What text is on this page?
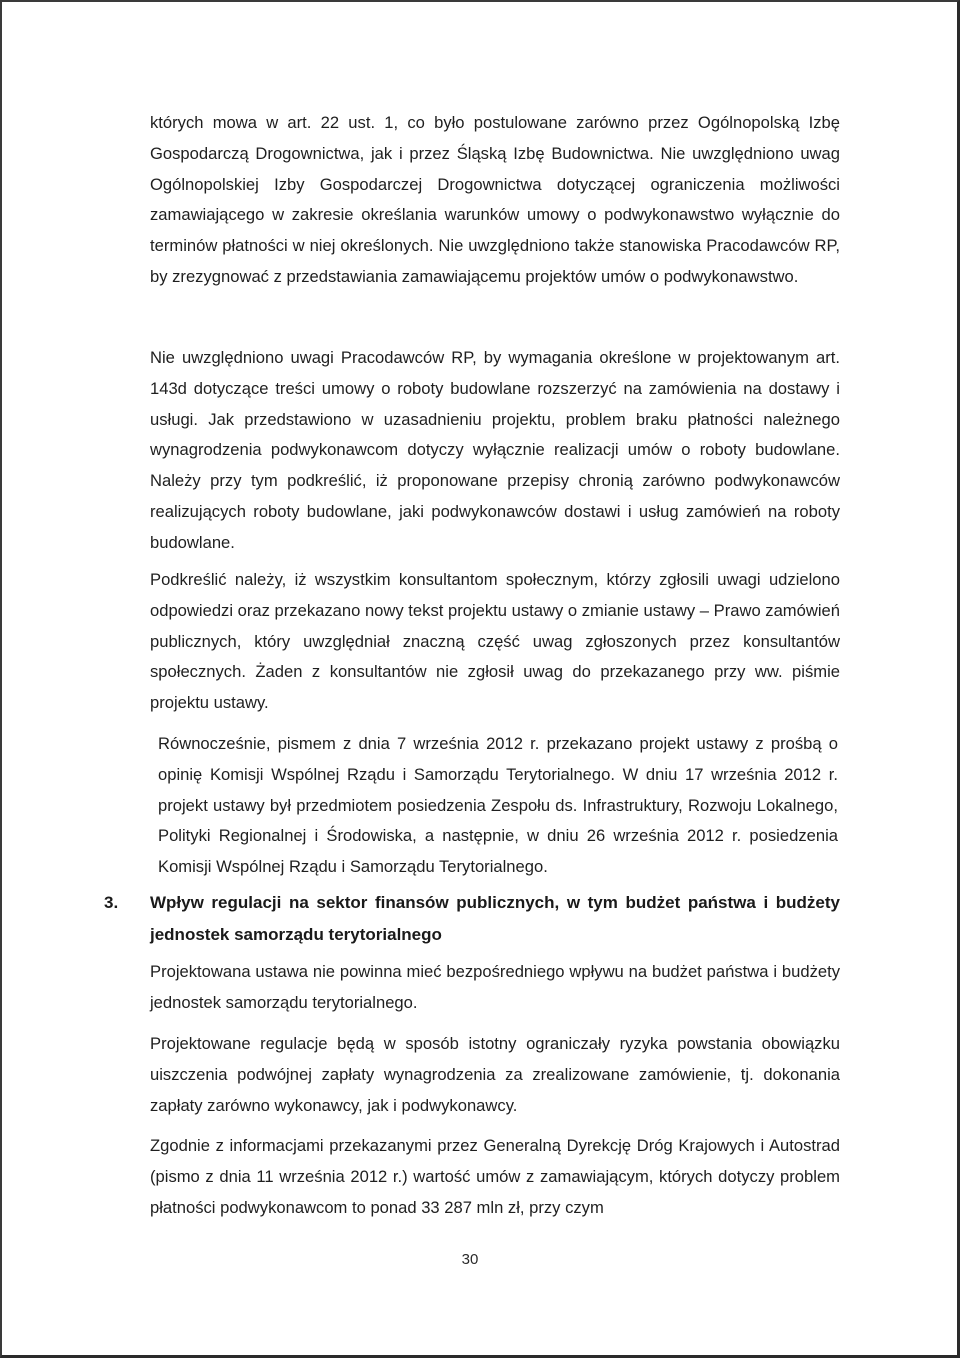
których mowa w art. 22 ust. 1, co było postulowane zarówno przez Ogólnopolską Izbę Gospodarczą Drogownictwa, jak i przez Śląską Izbę Budownictwa. Nie uwzględniono uwag Ogólnopolskiej Izby Gospodarczej Drogownictwa dotyczącej ograniczenia możliwości zamawiającego w zakresie określania warunków umowy o podwykonawstwo wyłącznie do terminów płatności w niej określonych. Nie uwzględniono także stanowiska Pracodawców RP, by zrezygnować z przedstawiania zamawiającemu projektów umów o podwykonawstwo.

Nie uwzględniono uwagi Pracodawców RP, by wymagania określone w projektowanym art. 143d dotyczące treści umowy o roboty budowlane rozszerzyć na zamówienia na dostawy i usługi. Jak przedstawiono w uzasadnieniu projektu, problem braku płatności należnego wynagrodzenia podwykonawcom dotyczy wyłącznie realizacji umów o roboty budowlane. Należy przy tym podkreślić, iż proponowane przepisy chronią zarówno podwykonawców realizujących roboty budowlane, jaki podwykonawców dostawi i usług zamówień na roboty budowlane.

Podkreślić należy, iż wszystkim konsultantom społecznym, którzy zgłosili uwagi udzielono odpowiedzi oraz przekazano nowy tekst projektu ustawy o zmianie ustawy – Prawo zamówień publicznych, który uwzględniał znaczną część uwag zgłoszonych przez konsultantów społecznych. Żaden z konsultantów nie zgłosił uwag do przekazanego przy ww. piśmie projektu ustawy.

Równocześnie, pismem z dnia 7 września 2012 r. przekazano projekt ustawy z prośbą o opinię Komisji Wspólnej Rządu i Samorządu Terytorialnego. W dniu 17 września 2012 r. projekt ustawy był przedmiotem posiedzenia Zespołu ds. Infrastruktury, Rozwoju Lokalnego, Polityki Regionalnej i Środowiska, a następnie, w dniu 26 września 2012 r. posiedzenia Komisji Wspólnej Rządu i Samorządu Terytorialnego.

3. Wpływ regulacji na sektor finansów publicznych, w tym budżet państwa i budżety jednostek samorządu terytorialnego

Projektowana ustawa nie powinna mieć bezpośredniego wpływu na budżet państwa i budżety jednostek samorządu terytorialnego.

Projektowane regulacje będą w sposób istotny ograniczały ryzyka powstania obowiązku uiszczenia podwójnej zapłaty wynagrodzenia za zrealizowane zamówienie, tj. dokonania zapłaty zarówno wykonawcy, jak i podwykonawcy.

Zgodnie z informacjami przekazanymi przez Generalną Dyrekcję Dróg Krajowych i Autostrad (pismo z dnia 11 września 2012 r.) wartość umów z zamawiającym, których dotyczy problem płatności podwykonawcom to ponad 33 287 mln zł, przy czym

30
